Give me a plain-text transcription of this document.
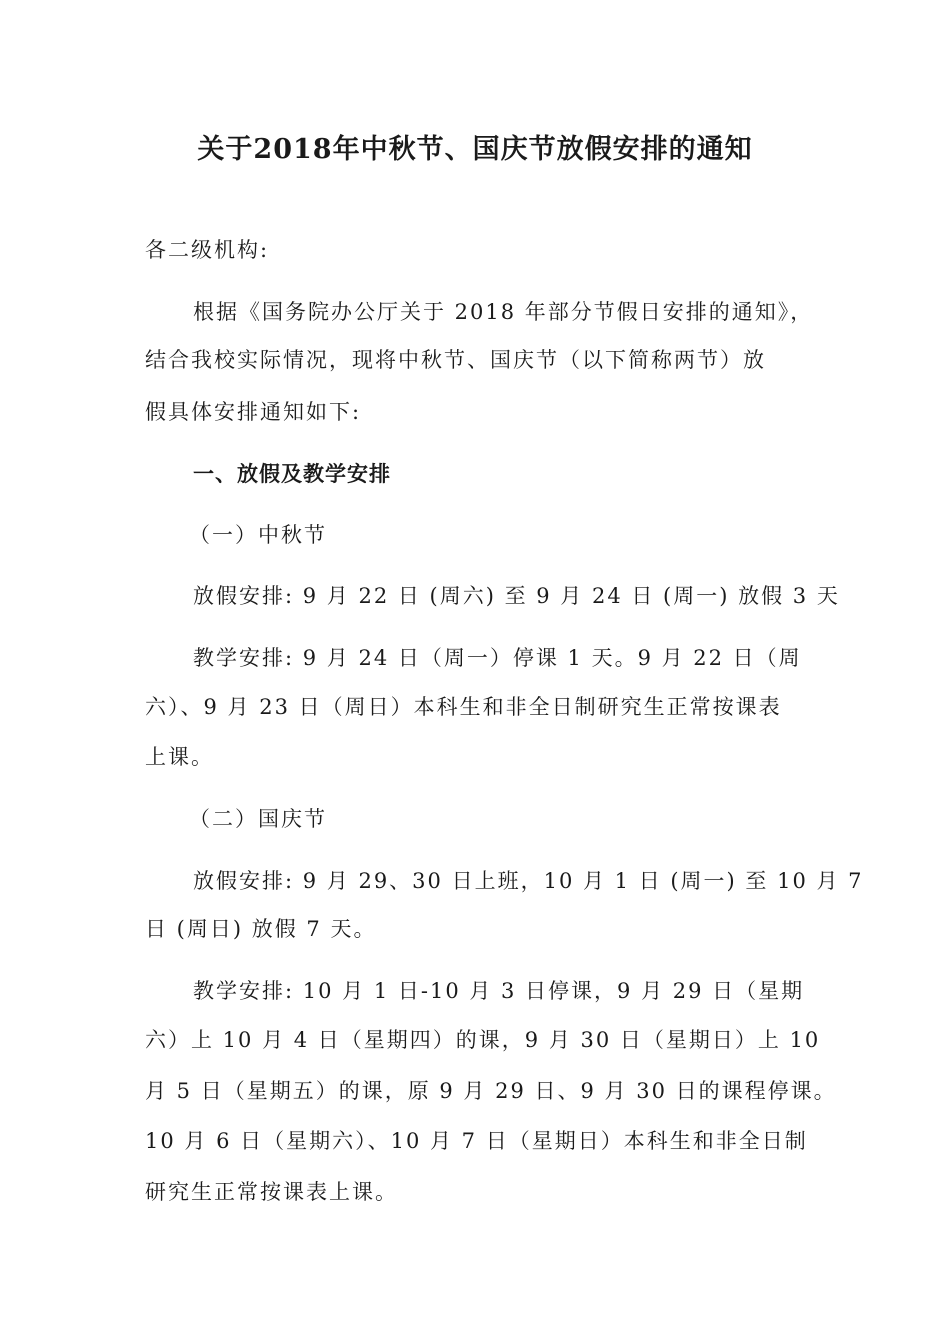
关于2018年中秋节、国庆节放假安排的通知
各二级机构:
根据《国务院办公厅关于 2018 年部分节假日安排的通知》，
结合我校实际情况，现将中秋节、国庆节（以下简称两节）放
假具体安排通知如下:
一、放假及教学安排
（一）中秋节
放假安排: 9 月 22 日 (周六) 至 9 月 24 日 (周一) 放假 3 天
教学安排: 9 月 24 日（周一）停课 1 天。9 月 22 日（周
六）、9 月 23 日（周日）本科生和非全日制研究生正常按课表
上课。
（二）国庆节
放假安排: 9 月 29、30 日上班，10 月 1 日 (周一) 至 10 月 7
日 (周日) 放假 7 天。
教学安排: 10 月 1 日-10 月 3 日停课，9 月 29 日（星期
六）上 10 月 4 日（星期四）的课，9 月 30 日（星期日）上 10
月 5 日（星期五）的课，原 9 月 29 日、9 月 30 日的课程停课。
10 月 6 日（星期六）、10 月 7 日（星期日）本科生和非全日制
研究生正常按课表上课。
